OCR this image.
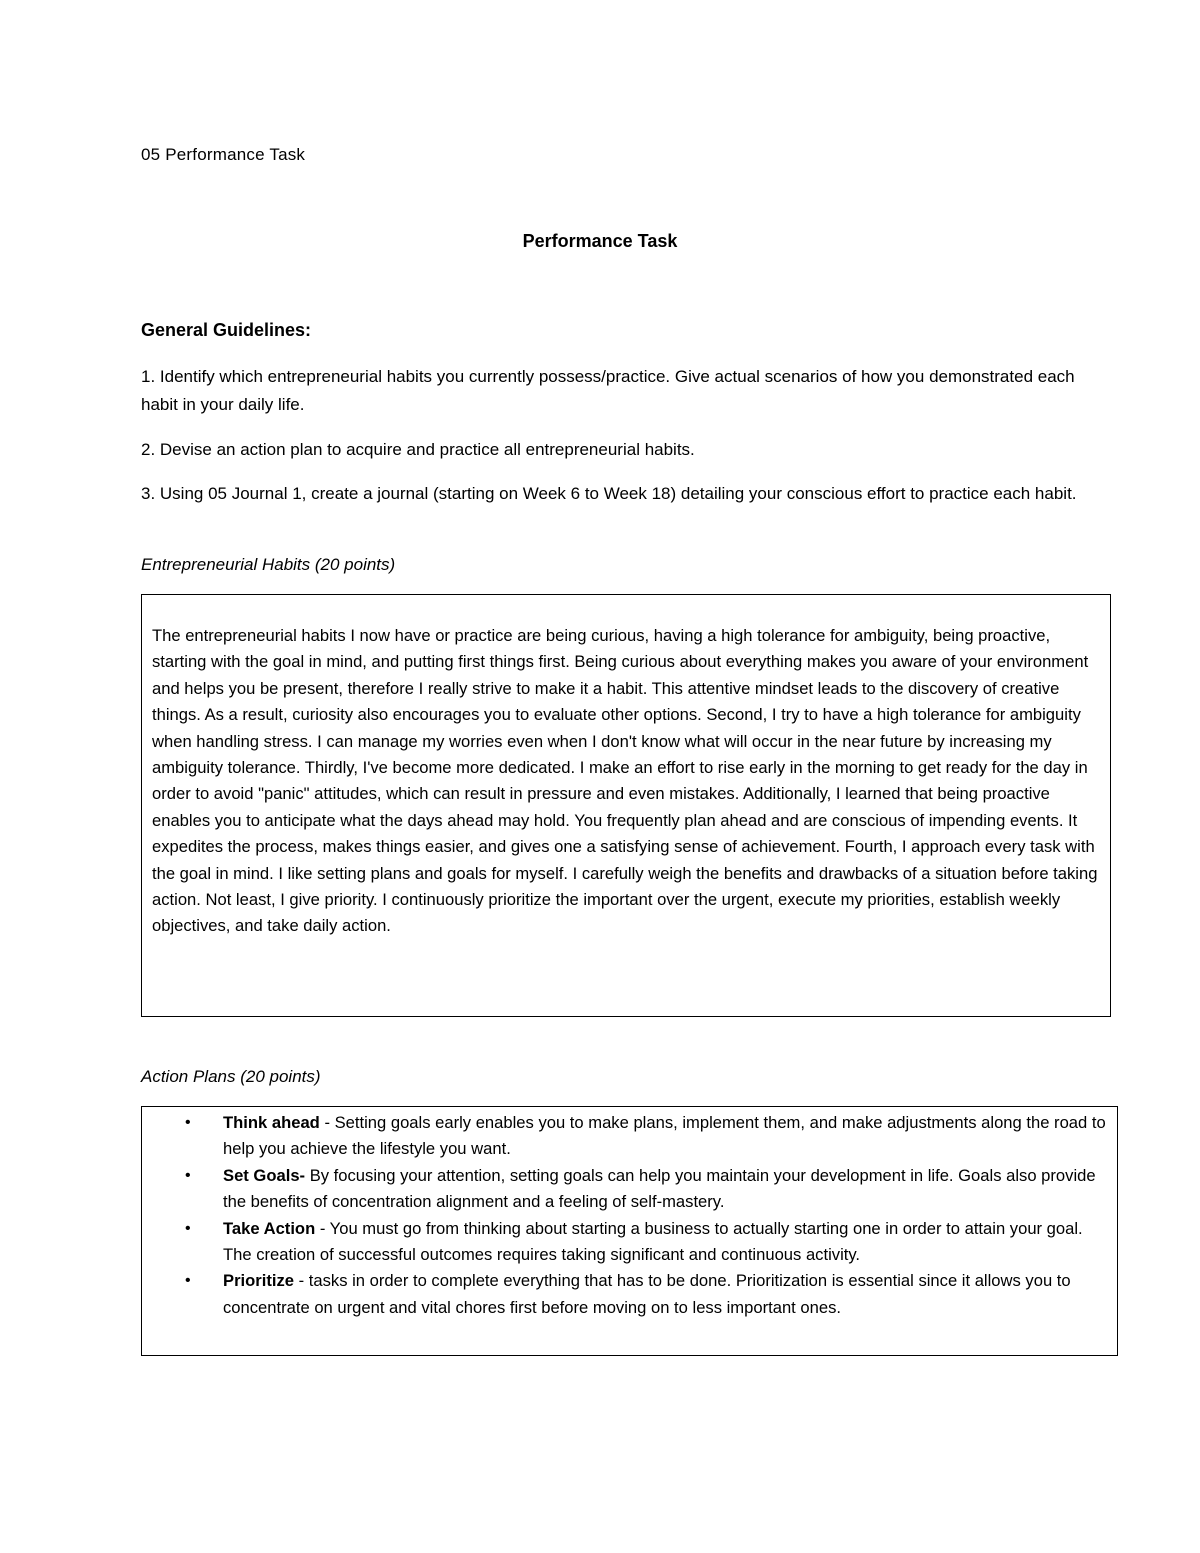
05 Performance Task
Performance Task
General Guidelines:
1. Identify which entrepreneurial habits you currently possess/practice. Give actual scenarios of how you demonstrated each habit in your daily life.
2. Devise an action plan to acquire and practice all entrepreneurial habits.
3. Using 05 Journal 1, create a journal (starting on Week 6 to Week 18) detailing your conscious effort to practice each habit.
Entrepreneurial Habits (20 points)
The entrepreneurial habits I now have or practice are being curious, having a high tolerance for ambiguity, being proactive, starting with the goal in mind, and putting first things first. Being curious about everything makes you aware of your environment and helps you be present, therefore I really strive to make it a habit. This attentive mindset leads to the discovery of creative things. As a result, curiosity also encourages you to evaluate other options. Second, I try to have a high tolerance for ambiguity when handling stress. I can manage my worries even when I don't know what will occur in the near future by increasing my ambiguity tolerance. Thirdly, I've become more dedicated. I make an effort to rise early in the morning to get ready for the day in order to avoid "panic" attitudes, which can result in pressure and even mistakes. Additionally, I learned that being proactive enables you to anticipate what the days ahead may hold. You frequently plan ahead and are conscious of impending events. It expedites the process, makes things easier, and gives one a satisfying sense of achievement. Fourth, I approach every task with the goal in mind. I like setting plans and goals for myself. I carefully weigh the benefits and drawbacks of a situation before taking action. Not least, I give priority. I continuously prioritize the important over the urgent, execute my priorities, establish weekly objectives, and take daily action.
Action Plans (20 points)
• Think ahead - Setting goals early enables you to make plans, implement them, and make adjustments along the road to help you achieve the lifestyle you want.
• Set Goals- By focusing your attention, setting goals can help you maintain your development in life. Goals also provide the benefits of concentration alignment and a feeling of self-mastery.
• Take Action - You must go from thinking about starting a business to actually starting one in order to attain your goal. The creation of successful outcomes requires taking significant and continuous activity.
• Prioritize - tasks in order to complete everything that has to be done. Prioritization is essential since it allows you to concentrate on urgent and vital chores first before moving on to less important ones.
